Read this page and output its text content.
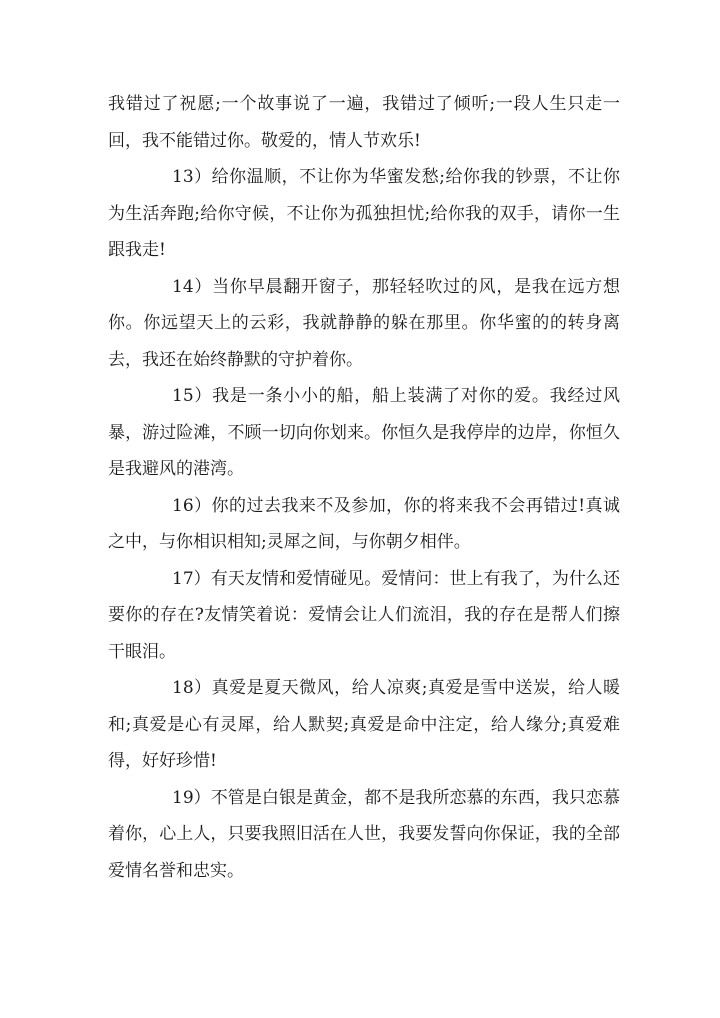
我错过了祝愿;一个故事说了一遍，我错过了倾听;一段人生只走一回，我不能错过你。敬爱的，情人节欢乐!

13）给你温顺，不让你为华蜜发愁;给你我的钞票，不让你为生活奔跑;给你守候，不让你为孤独担忧;给你我的双手，请你一生跟我走!

14）当你早晨翻开窗子，那轻轻吹过的风，是我在远方想你。你远望天上的云彩，我就静静的躲在那里。你华蜜的的转身离去，我还在始终静默的守护着你。

15）我是一条小小的船，船上装满了对你的爱。我经过风暴，游过险滩，不顾一切向你划来。你恒久是我停岸的边岸，你恒久是我避风的港湾。

16）你的过去我来不及参加，你的将来我不会再错过!真诚之中，与你相识相知;灵犀之间，与你朝夕相伴。

17）有天友情和爱情碰见。爱情问：世上有我了，为什么还要你的存在?友情笑着说：爱情会让人们流泪，我的存在是帮人们擦干眼泪。

18）真爱是夏天微风，给人凉爽;真爱是雪中送炭，给人暖和;真爱是心有灵犀，给人默契;真爱是命中注定，给人缘分;真爱难得，好好珍惜!

19）不管是白银是黄金，都不是我所恋慕的东西，我只恋慕着你，心上人，只要我照旧活在人世，我要发誓向你保证，我的全部爱情名誉和忠实。
